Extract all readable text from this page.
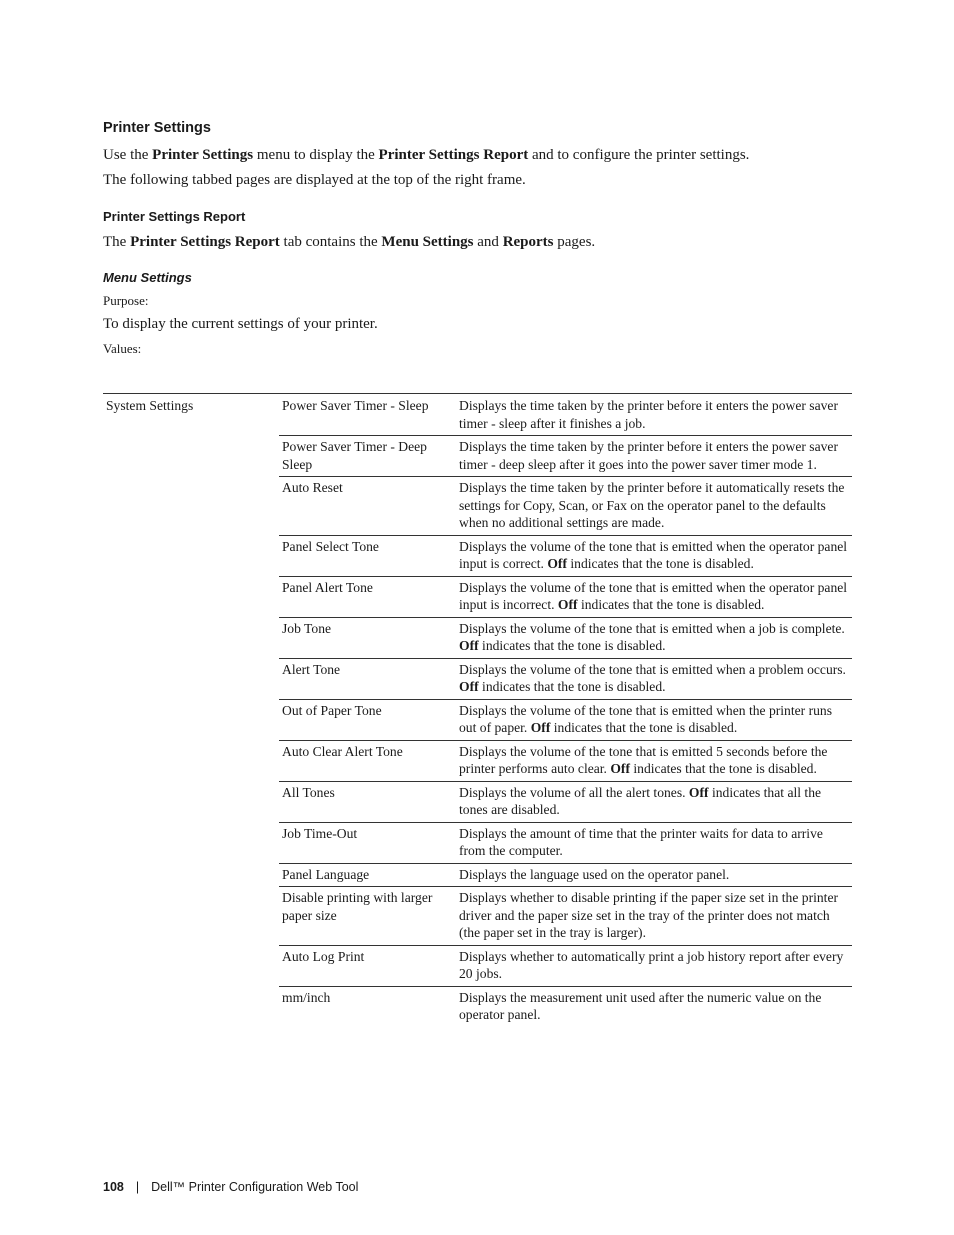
Printer Settings
Use the Printer Settings menu to display the Printer Settings Report and to configure the printer settings.
The following tabbed pages are displayed at the top of the right frame.
Printer Settings Report
The Printer Settings Report tab contains the Menu Settings and Reports pages.
Menu Settings
Purpose:
To display the current settings of your printer.
Values:
System Settings	Power Saver Timer - Sleep	Displays the time taken by the printer before it enters the power saver timer - sleep after it finishes a job.
	Power Saver Timer - Deep Sleep	Displays the time taken by the printer before it enters the power saver timer - deep sleep after it goes into the power saver timer mode 1.
	Auto Reset	Displays the time taken by the printer before it automatically resets the settings for Copy, Scan, or Fax on the operator panel to the defaults when no additional settings are made.
	Panel Select Tone	Displays the volume of the tone that is emitted when the operator panel input is correct. Off indicates that the tone is disabled.
	Panel Alert Tone	Displays the volume of the tone that is emitted when the operator panel input is incorrect. Off indicates that the tone is disabled.
	Job Tone	Displays the volume of the tone that is emitted when a job is complete. Off indicates that the tone is disabled.
	Alert Tone	Displays the volume of the tone that is emitted when a problem occurs. Off indicates that the tone is disabled.
	Out of Paper Tone	Displays the volume of the tone that is emitted when the printer runs out of paper. Off indicates that the tone is disabled.
	Auto Clear Alert Tone	Displays the volume of the tone that is emitted 5 seconds before the printer performs auto clear. Off indicates that the tone is disabled.
	All Tones	Displays the volume of all the alert tones. Off indicates that all the tones are disabled.
	Job Time-Out	Displays the amount of time that the printer waits for data to arrive from the computer.
	Panel Language	Displays the language used on the operator panel.
	Disable printing with larger paper size	Displays whether to disable printing if the paper size set in the printer driver and the paper size set in the tray of the printer does not match (the paper set in the tray is larger).
	Auto Log Print	Displays whether to automatically print a job history report after every 20 jobs.
	mm/inch	Displays the measurement unit used after the numeric value on the operator panel.
108 | Dell™ Printer Configuration Web Tool
